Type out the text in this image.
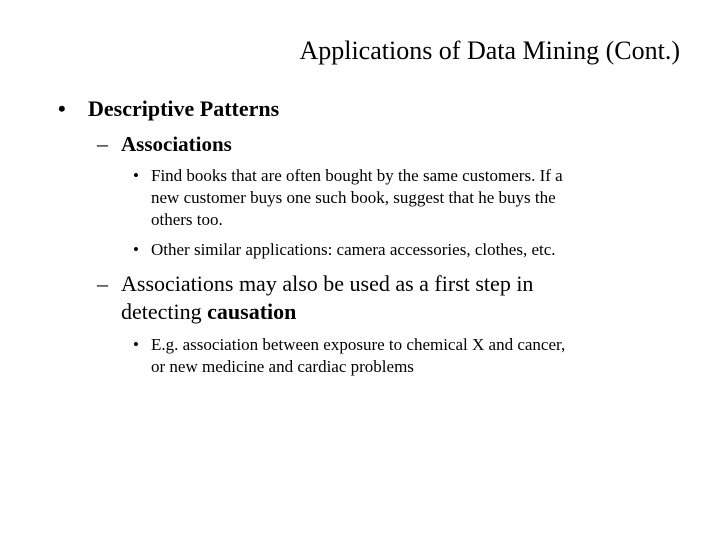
Applications of Data Mining (Cont.)
• Descriptive Patterns
– Associations
• Find books that are often bought by the same customers. If a
new customer buys one such book, suggest that he buys the
others too.
• Other similar applications: camera accessories, clothes, etc.
– Associations may also be used as a first step in
detecting causation
• E.g. association between exposure to chemical X and cancer,
or new medicine and cardiac problems
